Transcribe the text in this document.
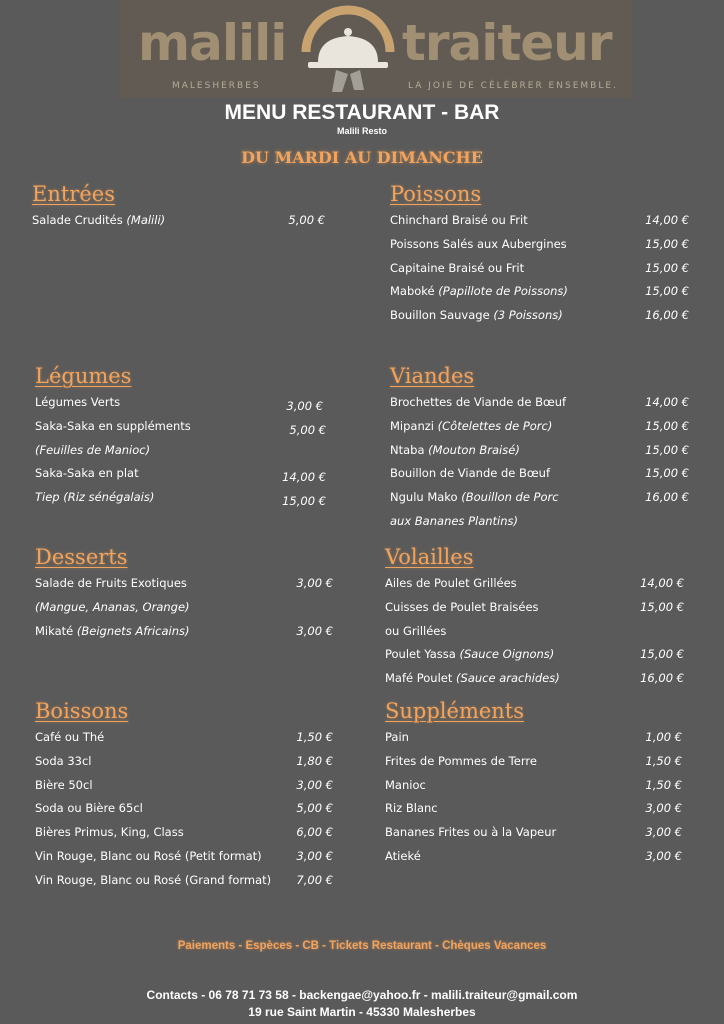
malili traiteur
MALESHERBES	LA JOIE DE CÉLÉBRER ENSEMBLE.
MENU RESTAURANT - BAR
Malili Resto
DU MARDI AU DIMANCHE
Entrées
Salade Crudités (Malili)	5,00 €
Poissons
Chinchard Braisé ou Frit	14,00 €
Poissons Salés aux Aubergines	15,00 €
Capitaine Braisé ou Frit	15,00 €
Maboké (Papillote de Poissons)	15,00 €
Bouillon Sauvage (3 Poissons)	16,00 €
Légumes
Légumes Verts	3,00 €
Saka-Saka en suppléments	5,00 €
(Feuilles de Manioc)
Saka-Saka en plat	14,00 €
Tiep (Riz sénégalais)	15,00 €
Viandes
Brochettes de Viande de Bœuf	14,00 €
Mipanzi (Côtelettes de Porc)	15,00 €
Ntaba (Mouton Braisé)	15,00 €
Bouillon de Viande de Bœuf	15,00 €
Ngulu Mako (Bouillon de Porc	16,00 €
aux Bananes Plantins)
Desserts
Salade de Fruits Exotiques	3,00 €
(Mangue, Ananas, Orange)
Mikaté (Beignets Africains)	3,00 €
Volailles
Ailes de Poulet Grillées	14,00 €
Cuisses de Poulet Braisées	15,00 €
ou Grillées
Poulet Yassa (Sauce Oignons)	15,00 €
Mafé Poulet (Sauce arachides)	16,00 €
Boissons
Café ou Thé	1,50 €
Soda 33cl	1,80 €
Bière 50cl	3,00 €
Soda ou Bière 65cl	5,00 €
Bières Primus, King, Class	6,00 €
Vin Rouge, Blanc ou Rosé (Petit format)	3,00 €
Vin Rouge, Blanc ou Rosé (Grand format) 7,00 €
Suppléments
Pain	1,00 €
Frites de Pommes de Terre	1,50 €
Manioc	1,50 €
Riz Blanc	3,00 €
Bananes Frites ou à la Vapeur	3,00 €
Atieké	3,00 €
Paiements - Espèces - CB - Tickets Restaurant - Chèques Vacances
Contacts - 06 78 71 73 58 - backengae@yahoo.fr - malili.traiteur@gmail.com
19 rue Saint Martin - 45330 Malesherbes
